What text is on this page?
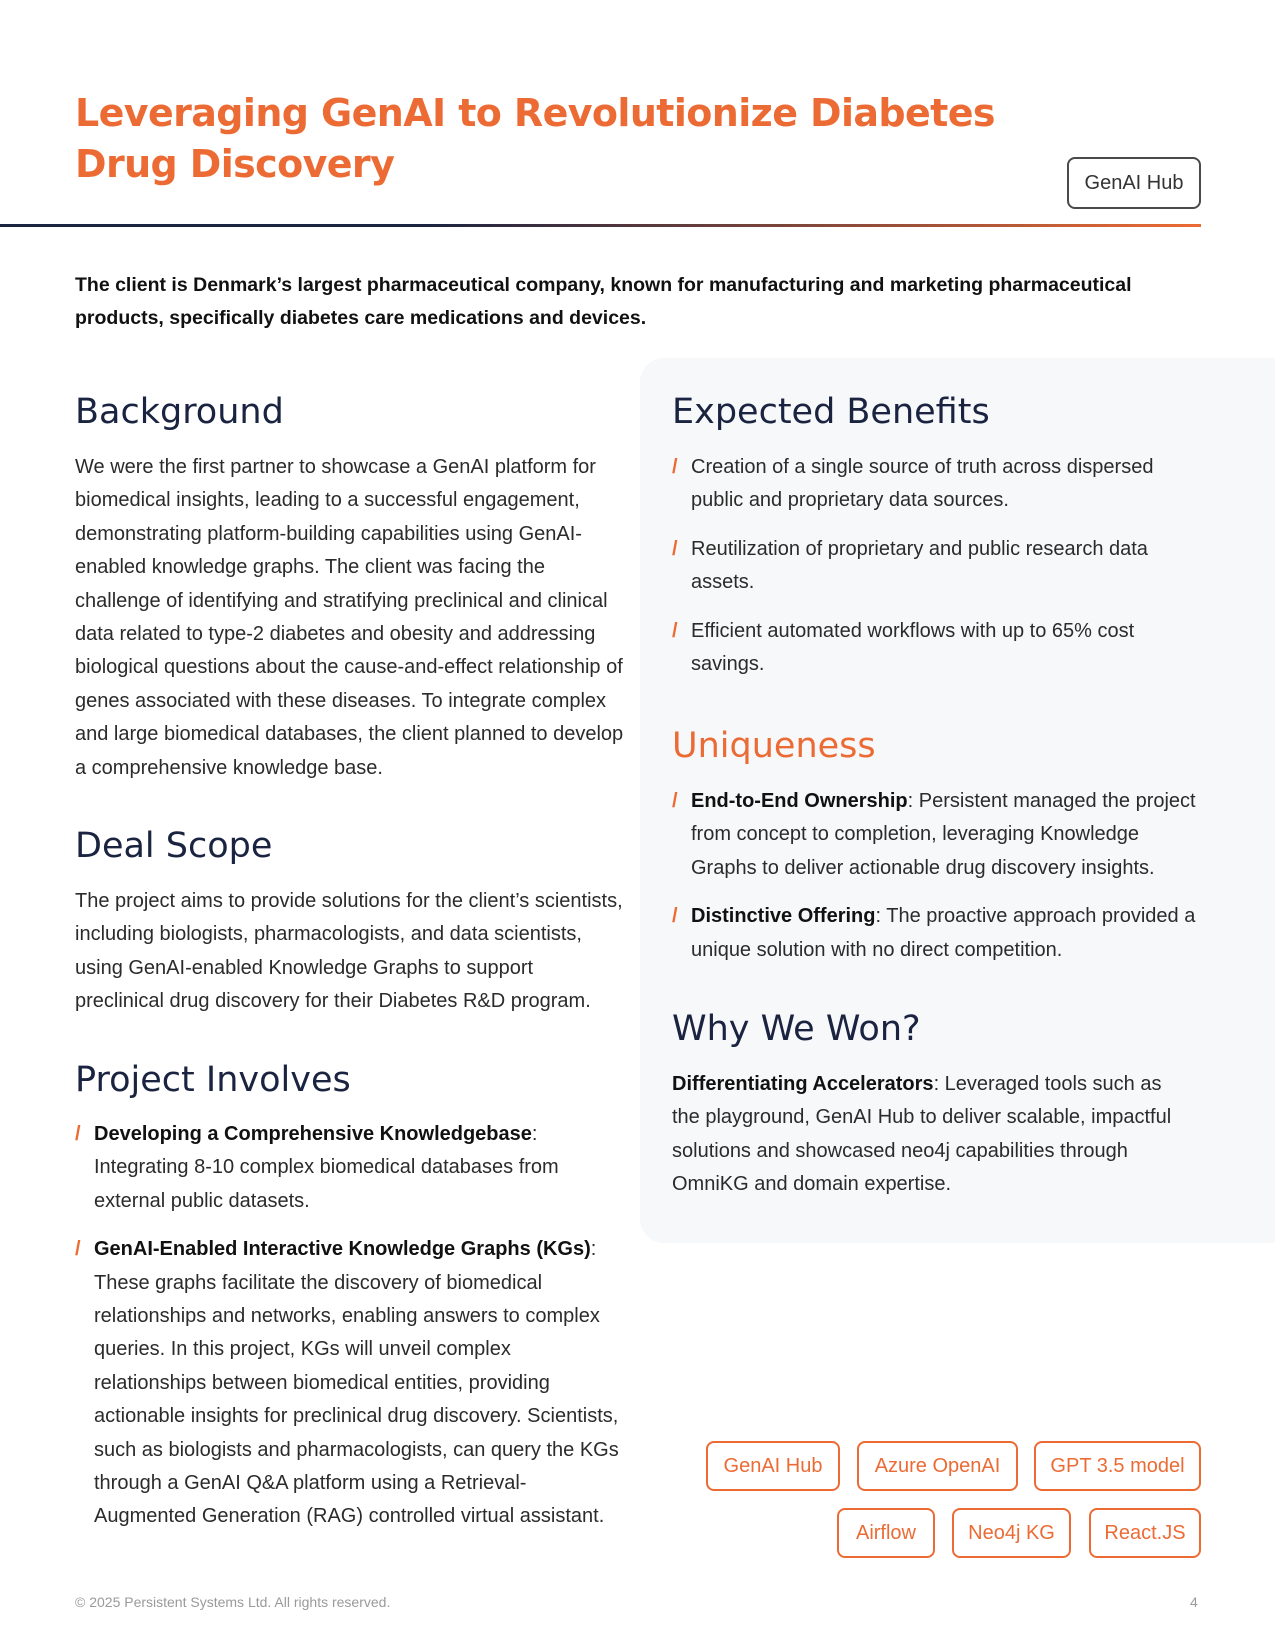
Leveraging GenAI to Revolutionize Diabetes Drug Discovery	GenAI Hub

The client is Denmark’s largest pharmaceutical company, known for manufacturing and marketing pharmaceutical products, specifically diabetes care medications and devices.

Background

We were the first partner to showcase a GenAI platform for biomedical insights, leading to a successful engagement, demonstrating platform-building capabilities using GenAI-enabled knowledge graphs. The client was facing the challenge of identifying and stratifying preclinical and clinical data related to type-2 diabetes and obesity and addressing biological questions about the cause-and-effect relationship of genes associated with these diseases. To integrate complex and large biomedical databases, the client planned to develop a comprehensive knowledge base.

Deal Scope

The project aims to provide solutions for the client’s scientists, including biologists, pharmacologists, and data scientists, using GenAI-enabled Knowledge Graphs to support preclinical drug discovery for their Diabetes R&D program.

Project Involves
/ Developing a Comprehensive Knowledgebase: Integrating 8-10 complex biomedical databases from external public datasets.
/ GenAI-Enabled Interactive Knowledge Graphs (KGs): These graphs facilitate the discovery of biomedical relationships and networks, enabling answers to complex queries. In this project, KGs will unveil complex relationships between biomedical entities, providing actionable insights for preclinical drug discovery. Scientists, such as biologists and pharmacologists, can query the KGs through a GenAI Q&A platform using a Retrieval-Augmented Generation (RAG) controlled virtual assistant.
Expected Benefits
/ Creation of a single source of truth across dispersed public and proprietary data sources.
/ Reutilization of proprietary and public research data assets.
/ Efficient automated workflows with up to 65% cost savings.
Uniqueness
/ End-to-End Ownership: Persistent managed the project from concept to completion, leveraging Knowledge Graphs to deliver actionable drug discovery insights.
/ Distinctive Offering: The proactive approach provided a unique solution with no direct competition.
Why We Won?

Differentiating Accelerators: Leveraged tools such as the playground, GenAI Hub to deliver scalable, impactful solutions and showcased neo4j capabilities through OmniKG and domain expertise.

GenAI Hub	Azure OpenAI	GPT 3.5 model
Airflow	Neo4j KG	React.JS
© 2025 Persistent Systems Ltd. All rights reserved.	4
